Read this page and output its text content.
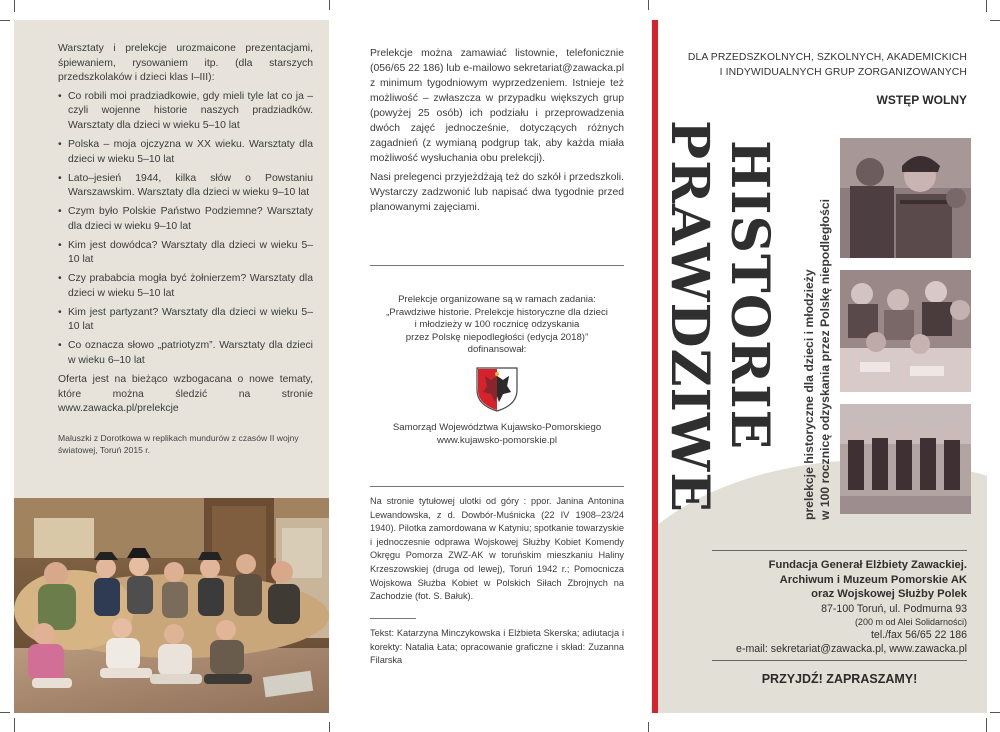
Warsztaty i prelekcje urozmaicone prezentacjami, śpiewaniem, rysowaniem itp. (dla starszych przedszkolaków i dzieci klas I–III):

• Co robili moi pradziadkowie, gdy mieli tyle lat co ja – czyli wojenne historie naszych pradziadków. Warsztaty dla dzieci w wieku 5–10 lat
• Polska – moja ojczyzna w XX wieku. Warsztaty dla dzieci w wieku 5–10 lat
• Lato–jesień 1944, kilka słów o Powstaniu Warszawskim. Warsztaty dla dzieci w wieku 9–10 lat
• Czym było Polskie Państwo Podziemne? Warsztaty dla dzieci w wieku 9–10 lat
• Kim jest dowódca? Warsztaty dla dzieci w wieku 5–10 lat
• Czy prababcia mogła być żołnierzem? Warsztaty dla dzieci w wieku 5–10 lat
• Kim jest partyzant? Warsztaty dla dzieci w wieku 5–10 lat
• Co oznacza słowo „patriotyzm”. Warsztaty dla dzieci w wieku 6–10 lat

Oferta jest na bieżąco wzbogacana o nowe tematy, które można śledzić na stronie www.zawacka.pl/prelekcje

Maluszki z Dorotkowa w replikach mundurów z czasów II wojny światowej, Toruń 2015 r.

Prelekcje można zamawiać listownie, telefonicznie (056/65 22 186) lub e-mailowo sekretariat@zawacka.pl z minimum tygodniowym wyprzedzeniem. Istnieje też możliwość – zwłaszcza w przypadku większych grup (powyżej 25 osób) ich podziału i przeprowadzenia dwóch zajęć jednocześnie, dotyczących różnych zagadnień (z wymianą podgrup tak, aby każda miała możliwość wysłuchania obu prelekcji).

Nasi prelegenci przyjeżdżają też do szkół i przedszkoli. Wystarczy zadzwonić lub napisać dwa tygodnie przed planowanymi zajęciami.

Prelekcje organizowane są w ramach zadania:
„Prawdziwe historie. Prelekcje historyczne dla dzieci
i młodzieży w 100 rocznicę odzyskania
przez Polskę niepodległości (edycja 2018)”
dofinansował:
Samorząd Województwa Kujawsko-Pomorskiego
www.kujawsko-pomorskie.pl
Na stronie tytułowej ulotki od góry : ppor. Janina Antonina Lewandowska, z d. Dowbór-Muśnicka (22 IV 1908–23/24 1940). Pilotka zamordowana w Katyniu; spotkanie towarzyskie i jednoczesnie odprawa Wojskowej Służby Kobiet Komendy Okręgu Pomorza ZWZ-AK w toruńskim mieszkaniu Haliny Krzeszowskiej (druga od lewej), Toruń 1942 r.; Pomocnicza Wojskowa Służba Kobiet w Polskich Siłach Zbrojnych na Zachodzie (fot. S. Bałuk).
Tekst: Katarzyna Minczykowska i Elżbieta Skerska; adiutacja i korekty: Natalia Łata; opracowanie graficzne i skład: Zuzanna Filarska
DLA PRZEDSZKOLNYCH, SZKOLNYCH, AKADEMICKICH
I INDYWIDUALNYCH GRUP ZORGANIZOWANYCH
WSTĘP WOLNY
PRAWDZIWE HISTORIE prelekcje historyczne dla dzieci i młodzieży w 100 rocznicę odzyskania przez Polskę niepodległości
Fundacja Generał Elżbiety Zawackiej.
Archiwum i Muzeum Pomorskie AK
oraz Wojskowej Służby Polek
87-100 Toruń, ul. Podmurna 93
(200 m od Alei Solidarności)
tel./fax 56/65 22 186
e-mail: sekretariat@zawacka.pl, www.zawacka.pl
PRZYJDŹ! ZAPRASZAMY!
